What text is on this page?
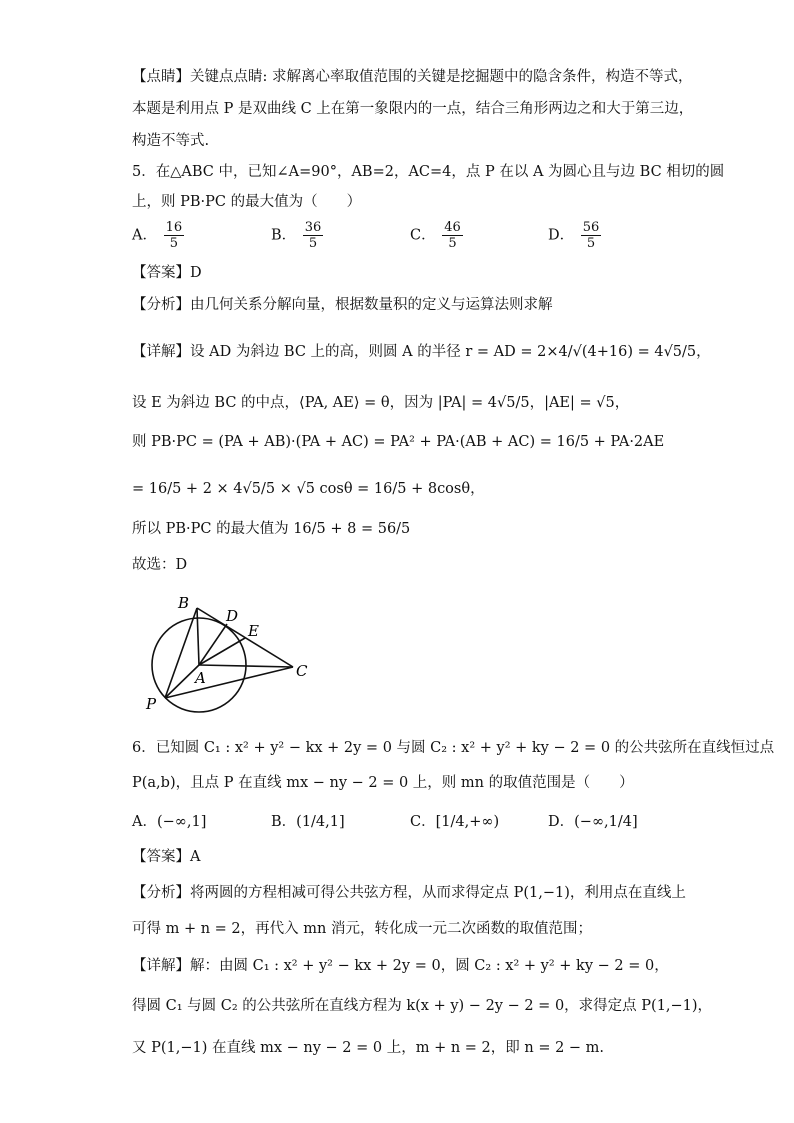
【点睛】关键点点睛: 求解离心率取值范围的关键是挖掘题中的隐含条件，构造不等式，
本题是利用点 P 是双曲线 C 上在第一象限内的一点，结合三角形两边之和大于第三边，
构造不等式.
5．在△ABC 中，已知∠A=90°，AB=2，AC=4，点 P 在以 A 为圆心且与边 BC 相切的圆
上，则 PB·PC 的最大值为（　　）
A． $\frac{16}{5}$	B． $\frac{36}{5}$	C． $\frac{46}{5}$	D． $\frac{56}{5}$
【答案】D
【分析】由几何关系分解向量，根据数量积的定义与运算法则求解
【详解】设 AD 为斜边 BC 上的高，则圆 A 的半径 r = AD = 2×4/√(4+16) = 4√5/5，
设 E 为斜边 BC 的中点，⟨PA, AE⟩ = θ，因为 |PA| = 4√5/5，|AE| = √5，
则 PB·PC = (PA + AB)·(PA + AC) = PA² + PA·(AB + AC) = 16/5 + PA·2AE
= 16/5 + 2 × 4√5/5 × √5 cosθ = 16/5 + 8cosθ，
所以 PB·PC 的最大值为 16/5 + 8 = 56/5
故选：D
B
D
E
A	C
P
6．已知圆 C₁ : x² + y² − kx + 2y = 0 与圆 C₂ : x² + y² + ky − 2 = 0 的公共弦所在直线恒过点
P(a,b)，且点 P 在直线 mx − ny − 2 = 0 上，则 mn 的取值范围是（　　）
A．(−∞,1]	B．(1/4,1]	C．[1/4,+∞)	D．(−∞,1/4]
【答案】A
【分析】将两圆的方程相减可得公共弦方程，从而求得定点 P(1,−1)，利用点在直线上
可得 m + n = 2，再代入 mn 消元，转化成一元二次函数的取值范围；
【详解】解：由圆 C₁ : x² + y² − kx + 2y = 0，圆 C₂ : x² + y² + ky − 2 = 0，
得圆 C₁ 与圆 C₂ 的公共弦所在直线方程为 k(x + y) − 2y − 2 = 0，求得定点 P(1,−1)，
又 P(1,−1) 在直线 mx − ny − 2 = 0 上，m + n = 2，即 n = 2 − m.
